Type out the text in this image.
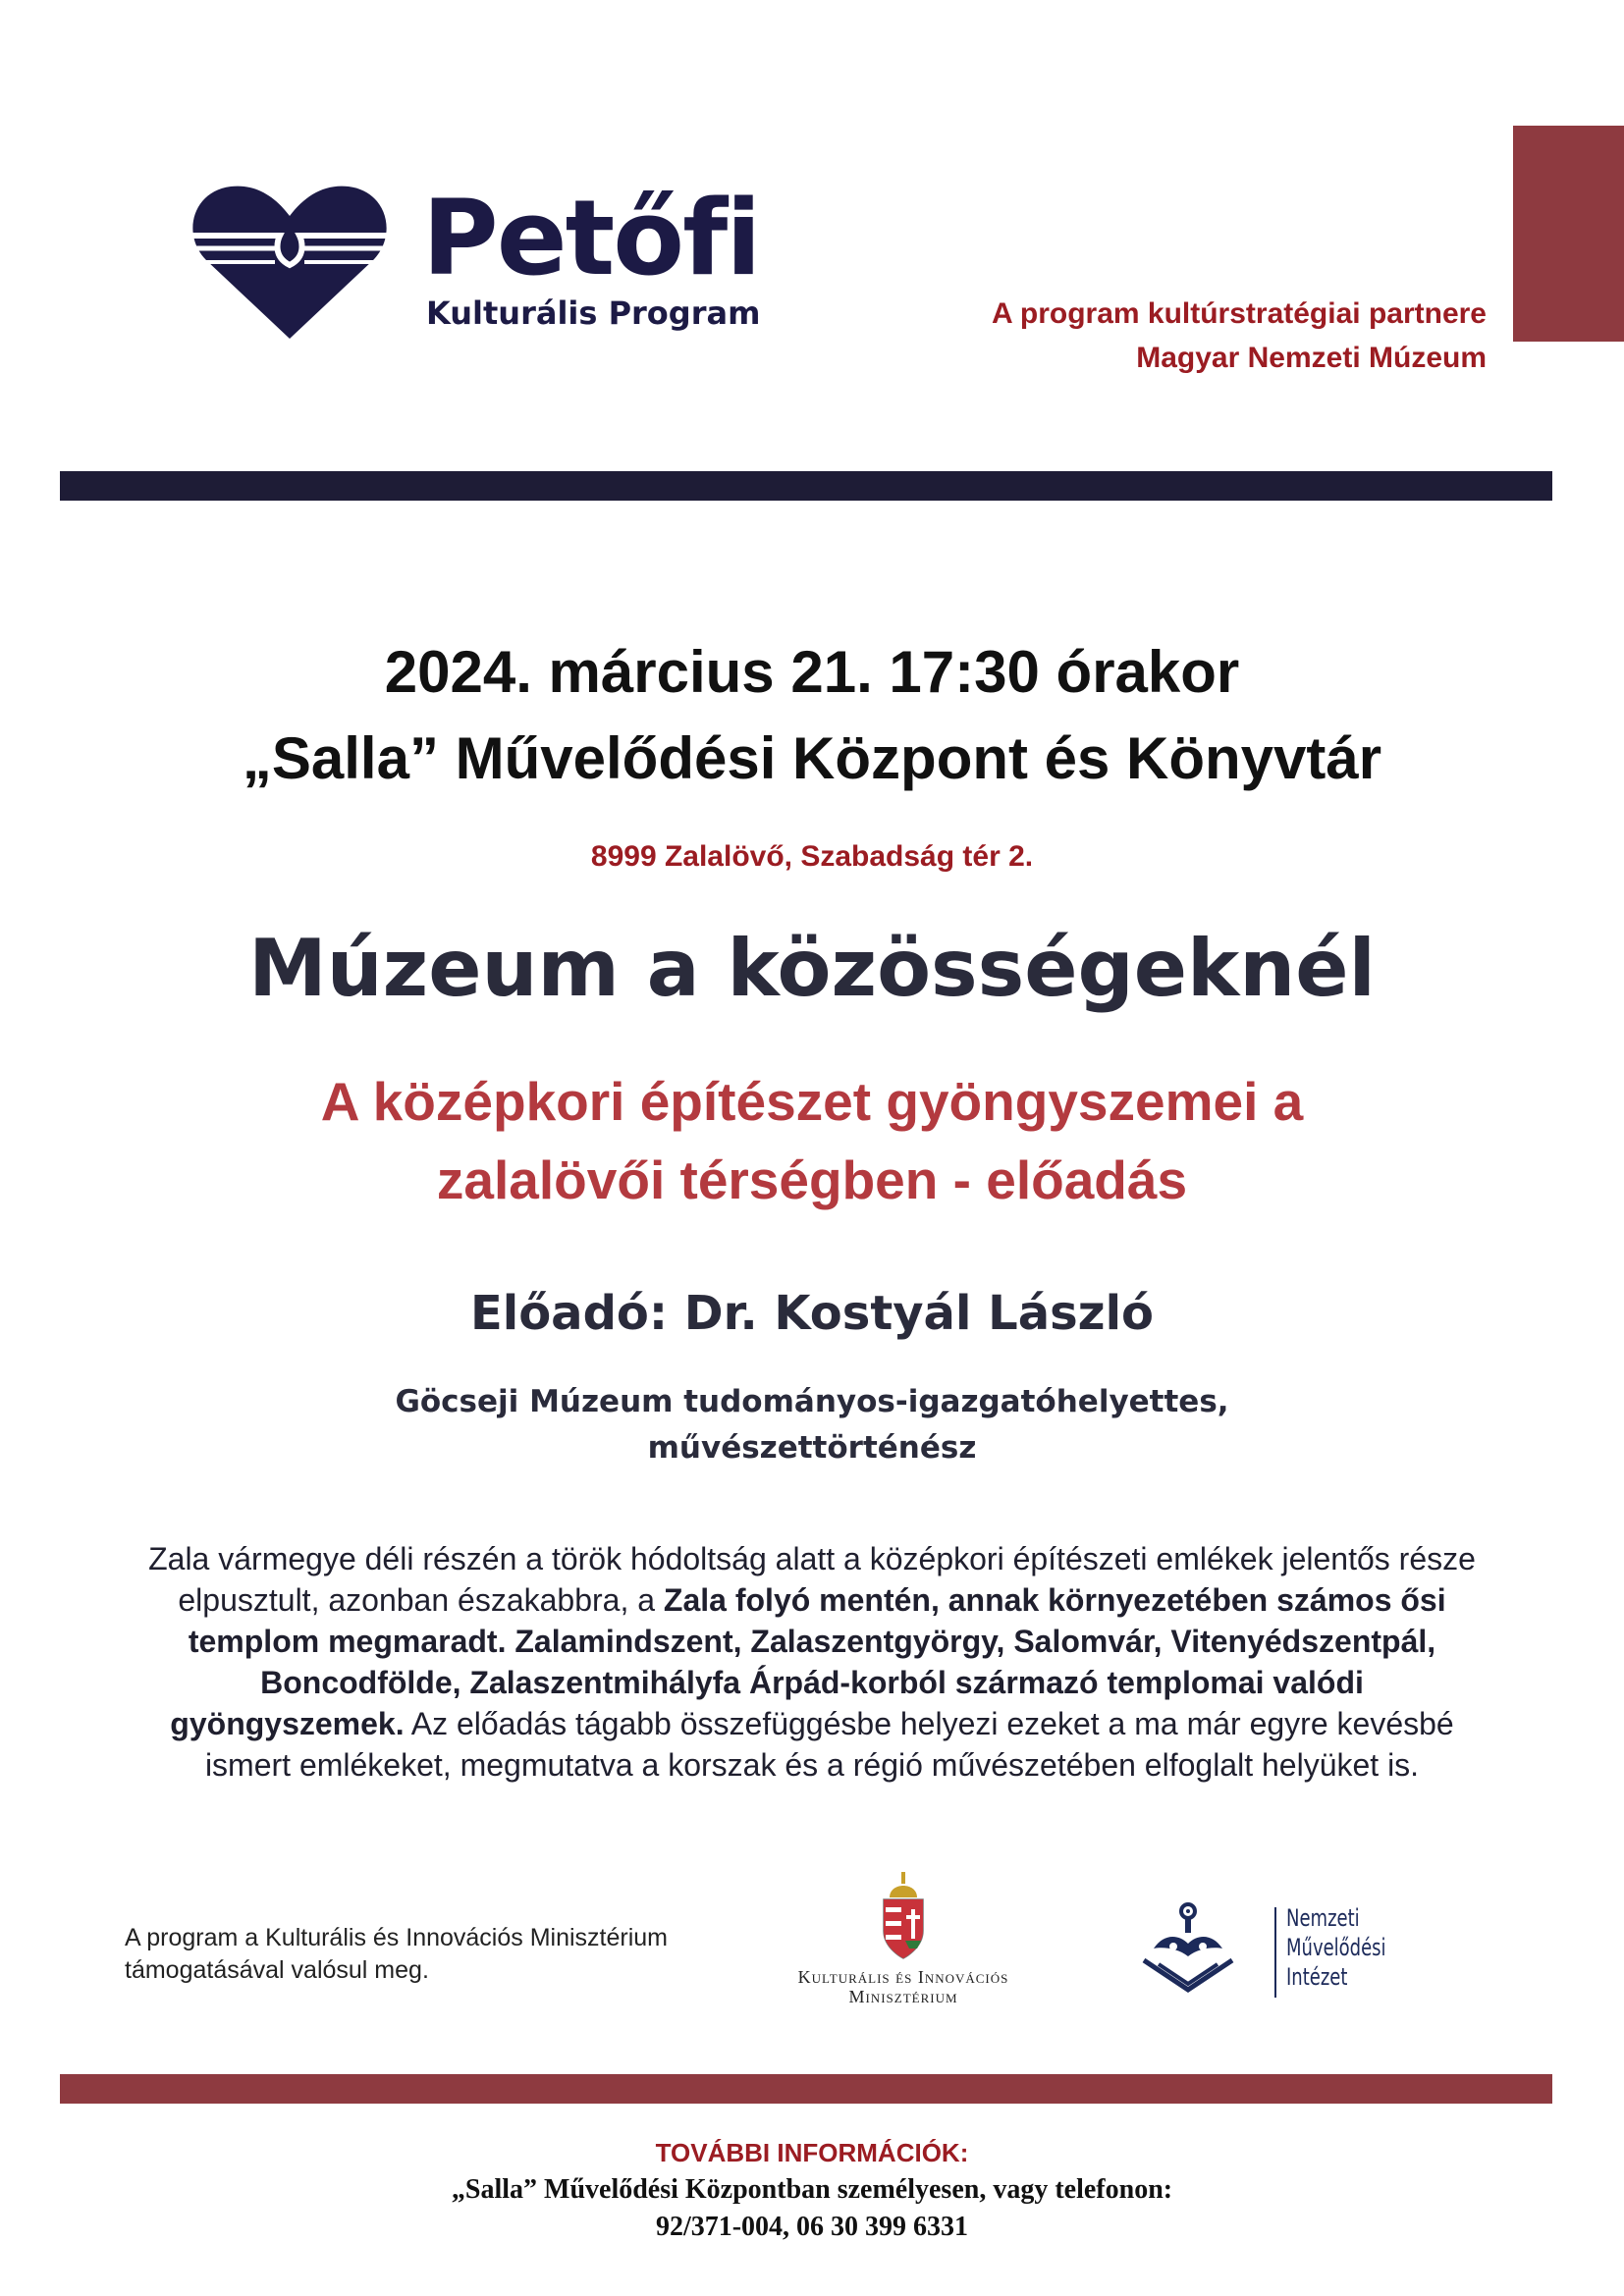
Petőfi
Kulturális Program	A program kultúrstratégiai partnere
Magyar Nemzeti Múzeum
2024. március 21. 17:30 órakor
„Salla” Művelődési Központ és Könyvtár
8999 Zalalövő, Szabadság tér 2.
Múzeum a közösségeknél
A középkori építészet gyöngyszemei a
zalalövői térségben - előadás
Előadó: Dr. Kostyál László
Göcseji Múzeum tudományos-igazgatóhelyettes,
művészettörténész
Zala vármegye déli részén a török hódoltság alatt a középkori építészeti emlékek jelentős része elpusztult, azonban északabbra, a Zala folyó mentén, annak környezetében számos ősi templom megmaradt. Zalamindszent, Zalaszentgyörgy, Salomvár, Vitenyédszentpál, Boncodfölde, Zalaszentmihályfa Árpád-korból származó templomai valódi gyöngyszemek. Az előadás tágabb összefüggésbe helyezi ezeket a ma már egyre kevésbé ismert emlékeket, megmutatva a korszak és a régió művészetében elfoglalt helyüket is.
A program a Kulturális és Innovációs Minisztérium támogatásával valósul meg.	Kulturális és Innovációs
Minisztérium
Nemzeti
Művelődési
Intézet
TOVÁBBI INFORMÁCIÓK:
„Salla” Művelődési Központban személyesen, vagy telefonon:
92/371-004, 06 30 399 6331
